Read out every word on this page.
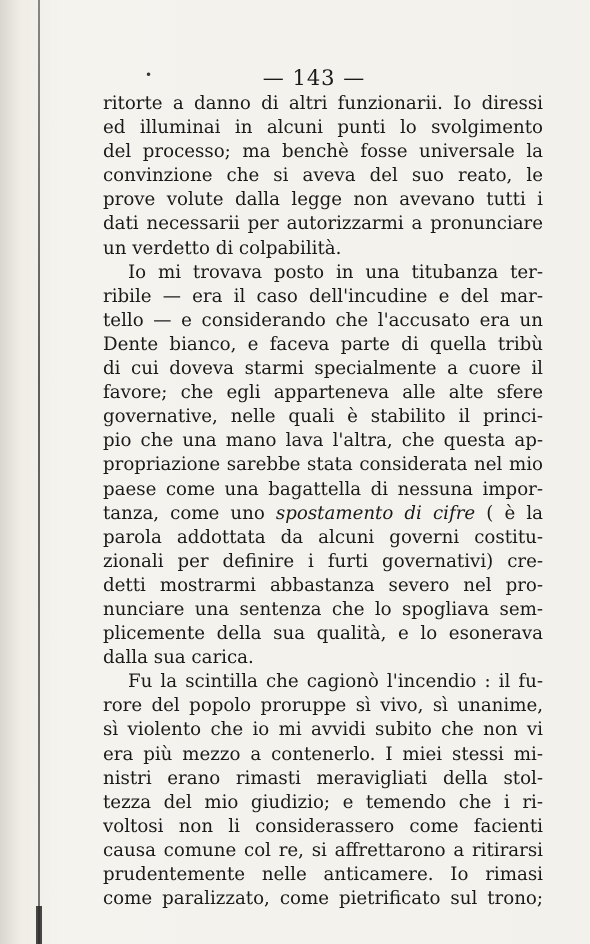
•	— 143 —
ritorte a danno di altri funzionarii. Io diressi
ed illuminai in alcuni punti lo svolgimento
del processo; ma benchè fosse universale la
convinzione che si aveva del suo reato, le
prove volute dalla legge non avevano tutti i
dati necessarii per autorizzarmi a pronunciare
un verdetto di colpabilità.
Io mi trovava posto in una titubanza ter-
ribile — era il caso dell'incudine e del mar-
tello — e considerando che l'accusato era un
Dente bianco, e faceva parte di quella tribù
di cui doveva starmi specialmente a cuore il
favore; che egli apparteneva alle alte sfere
governative, nelle quali è stabilito il princi-
pio che una mano lava l'altra, che questa ap-
propriazione sarebbe stata considerata nel mio
paese come una bagattella di nessuna impor-
tanza, come uno spostamento di cifre ( è la
parola addottata da alcuni governi costitu-
zionali per definire i furti governativi) cre-
detti mostrarmi abbastanza severo nel pro-
nunciare una sentenza che lo spogliava sem-
plicemente della sua qualità, e lo esonerava
dalla sua carica.
Fu la scintilla che cagionò l'incendio : il fu-
rore del popolo proruppe sì vivo, sì unanime,
sì violento che io mi avvidi subito che non vi
era più mezzo a contenerlo. I miei stessi mi-
nistri erano rimasti meravigliati della stol-
tezza del mio giudizio; e temendo che i ri-
voltosi non li considerassero come facienti
causa comune col re, si affrettarono a ritirarsi
prudentemente nelle anticamere. Io rimasi
come paralizzato, come pietrificato sul trono;
